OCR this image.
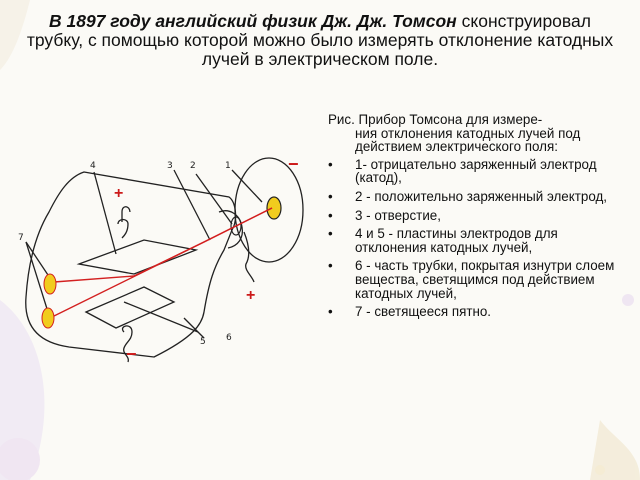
В 1897 году английский физик Дж. Дж. Томсон сконструировал трубку, с помощью которой можно было измерять отклонение катодных лучей в электрическом поле.
4	3 2	1
7
5 6
+
−
+
−
Рис. Прибор Томсона для измере-
ния отклонения катодных лучей под действием электрического поля:
• 1- отрицательно заряженный электрод (катод),
• 2 - положительно заряженный электрод,
• 3 - отверстие,
• 4 и 5 - пластины электродов для отклонения катодных лучей,
• 6 - часть трубки, покрытая изнутри слоем вещества, светящимся под действием катодных лучей,
• 7 - светящееся пятно.
